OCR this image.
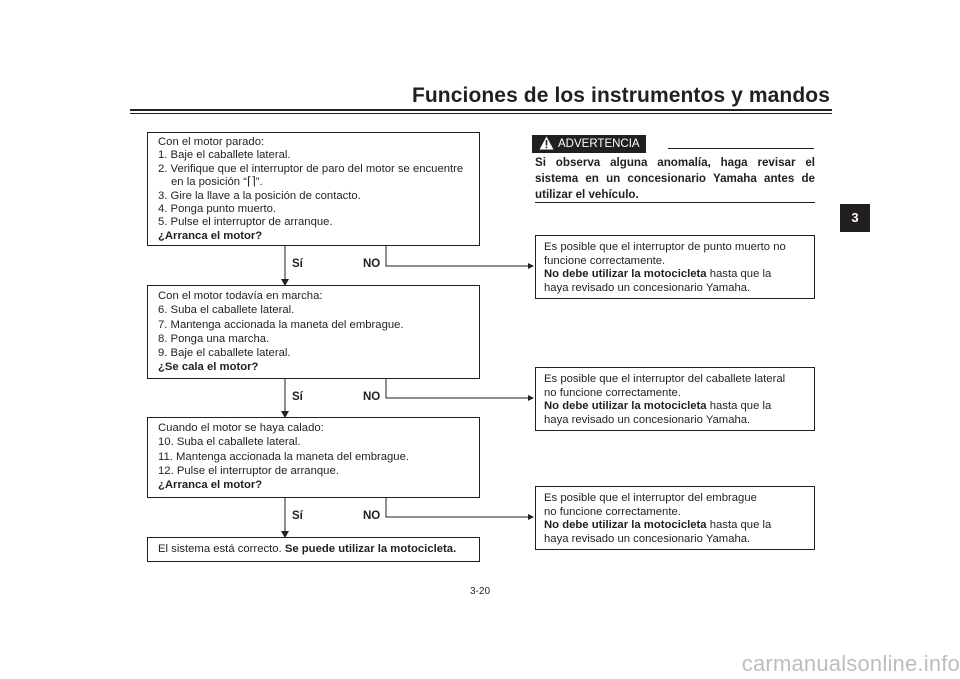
Funciones de los instrumentos y mandos
3
Con el motor parado:
1. Baje el caballete lateral.
2. Verifique que el interruptor de paro del motor se encuentre
en la posición “⌈⌉”.
3. Gire la llave a la posición de contacto.
4. Ponga punto muerto.
5. Pulse el interruptor de arranque.
¿Arranca el motor?
Sí	NO
Con el motor todavía en marcha:
6. Suba el caballete lateral.
7. Mantenga accionada la maneta del embrague.
8. Ponga una marcha.
9. Baje el caballete lateral.
¿Se cala el motor?
Sí	NO
Cuando el motor se haya calado:
10. Suba el caballete lateral.
11. Mantenga accionada la maneta del embrague.
12. Pulse el interruptor de arranque.
¿Arranca el motor?
Sí	NO
El sistema está correcto. Se puede utilizar la motocicleta.
ADVERTENCIA
Si observa alguna anomalía, haga revisar el sistema en un concesionario Yamaha antes de utilizar el vehículo.
Es posible que el interruptor de punto muerto no
funcione correctamente.
No debe utilizar la motocicleta hasta que la
haya revisado un concesionario Yamaha.
Es posible que el interruptor del caballete lateral
no funcione correctamente.
No debe utilizar la motocicleta hasta que la
haya revisado un concesionario Yamaha.
Es posible que el interruptor del embrague
no funcione correctamente.
No debe utilizar la motocicleta hasta que la
haya revisado un concesionario Yamaha.
3-20
carmanualsonline.info
